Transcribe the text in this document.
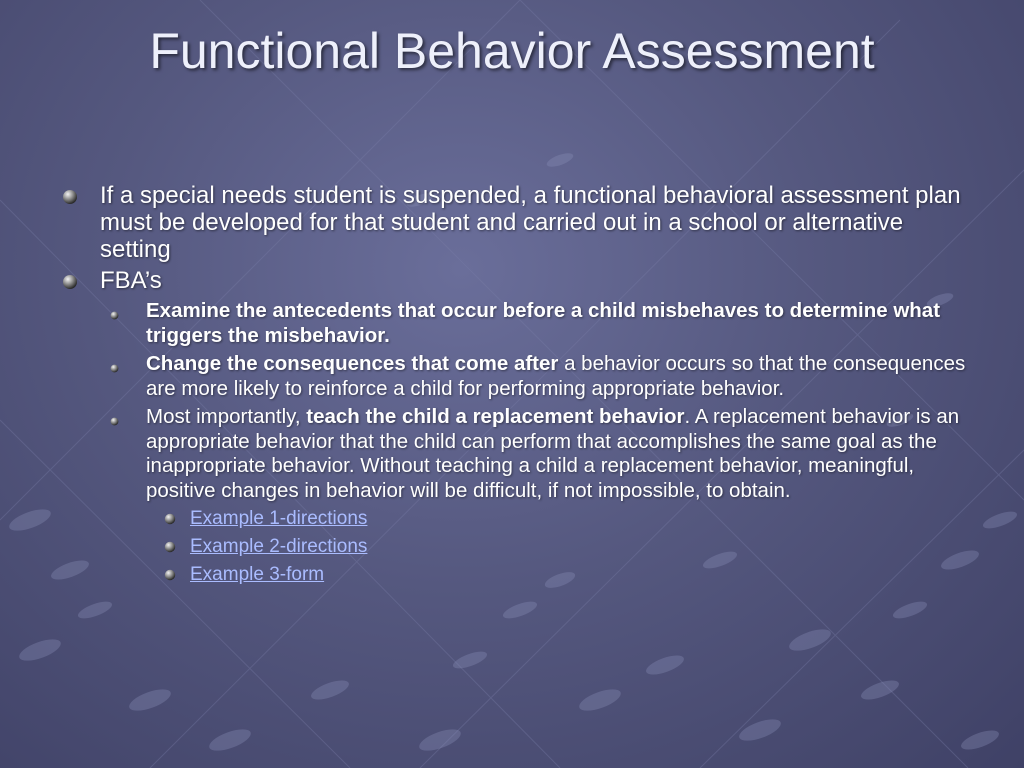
Functional Behavior Assessment
If a special needs student is suspended, a functional behavioral assessment plan must be developed for that student and carried out in a school or alternative setting
FBA’s
Examine the antecedents that occur before a child misbehaves to determine what triggers the misbehavior.
Change the consequences that come after a behavior occurs so that the consequences are more likely to reinforce a child for performing appropriate behavior.
Most importantly, teach the child a replacement behavior. A replacement behavior is an appropriate behavior that the child can perform that accomplishes the same goal as the inappropriate behavior. Without teaching a child a replacement behavior, meaningful, positive changes in behavior will be difficult, if not impossible, to obtain.
Example 1-directions
Example 2-directions
Example 3-form
